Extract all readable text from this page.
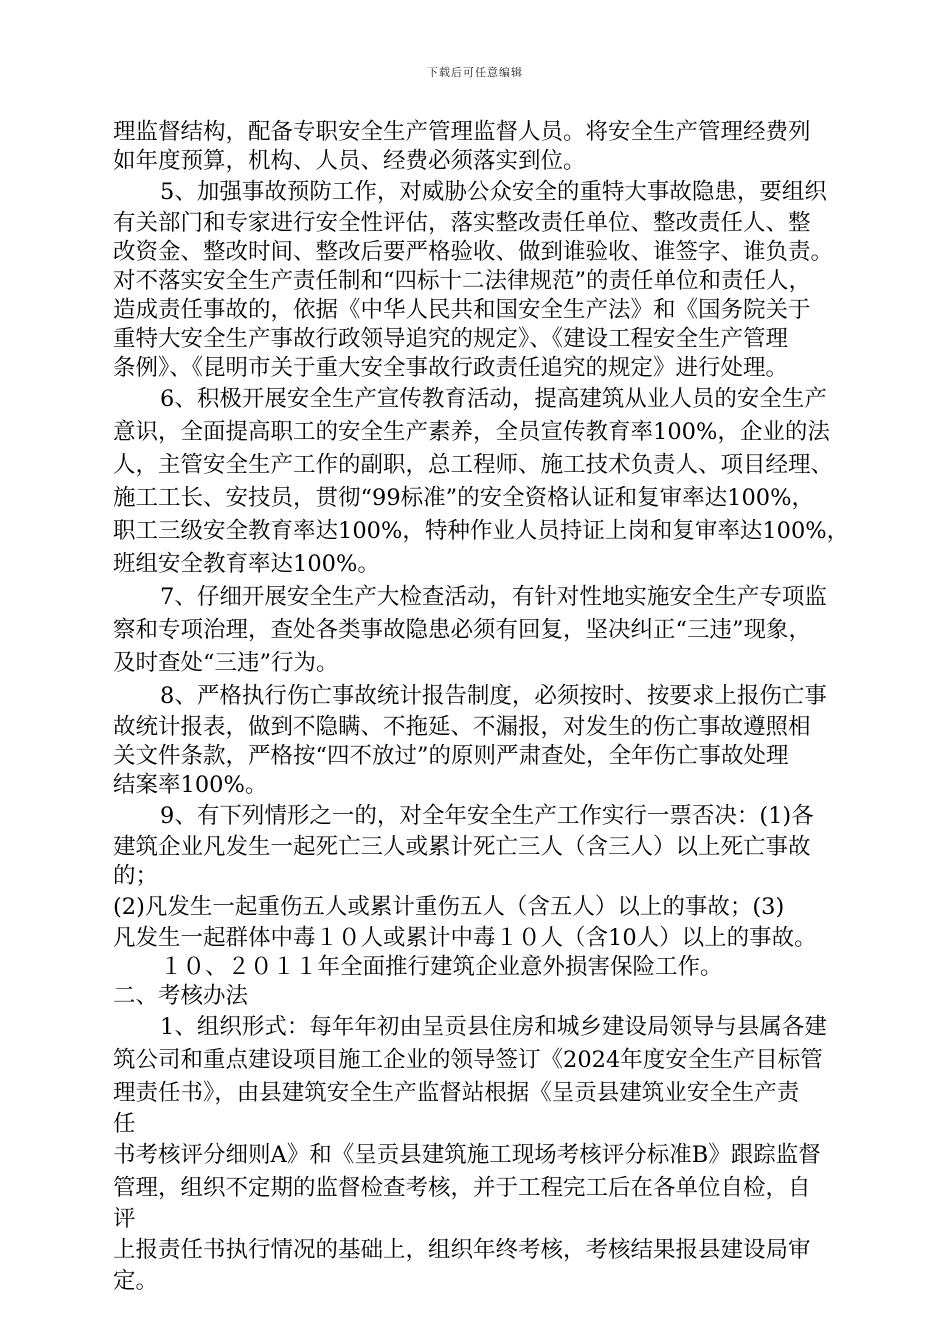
下载后可任意编辑
理监督结构，配备专职安全生产管理监督人员。将安全生产管理经费列
如年度预算，机构、人员、经费必须落实到位。
5、加强事故预防工作，对威胁公众安全的重特大事故隐患，要组织
有关部门和专家进行安全性评估，落实整改责任单位、整改责任人、整
改资金、整改时间、整改后要严格验收、做到谁验收、谁签字、谁负责。
对不落实安全生产责任制和“四标十二法律规范”的责任单位和责任人，
造成责任事故的，依据《中华人民共和国安全生产法》和《国务院关于
重特大安全生产事故行政领导追究的规定》、《建设工程安全生产管理
条例》、《昆明市关于重大安全事故行政责任追究的规定》进行处理。
6、积极开展安全生产宣传教育活动，提高建筑从业人员的安全生产
意识，全面提高职工的安全生产素养，全员宣传教育率100%，企业的法
人，主管安全生产工作的副职，总工程师、施工技术负责人、项目经理、
施工工长、安技员，贯彻“99标准”的安全资格认证和复审率达100%，
职工三级安全教育率达100%，特种作业人员持证上岗和复审率达100%，
班组安全教育率达100%。
7、仔细开展安全生产大检查活动，有针对性地实施安全生产专项监
察和专项治理，查处各类事故隐患必须有回复，坚决纠正“三违”现象，
及时查处“三违”行为。
8、严格执行伤亡事故统计报告制度，必须按时、按要求上报伤亡事
故统计报表，做到不隐瞒、不拖延、不漏报，对发生的伤亡事故遵照相
关文件条款，严格按“四不放过”的原则严肃查处，全年伤亡事故处理
结案率100%。
9、有下列情形之一的，对全年安全生产工作实行一票否决：(1)各
建筑企业凡发生一起死亡三人或累计死亡三人（含三人）以上死亡事故
的；
(2)凡发生一起重伤五人或累计重伤五人（含五人）以上的事故；(3)
凡发生一起群体中毒１０人或累计中毒１０人（含10人）以上的事故。
１０、２０１１年全面推行建筑企业意外损害保险工作。
二、考核办法
1、组织形式：每年年初由呈贡县住房和城乡建设局领导与县属各建
筑公司和重点建设项目施工企业的领导签订《2024年度安全生产目标管
理责任书》，由县建筑安全生产监督站根据《呈贡县建筑业安全生产责
任
书考核评分细则A》和《呈贡县建筑施工现场考核评分标准B》跟踪监督
管理，组织不定期的监督检查考核，并于工程完工后在各单位自检，自
评
上报责任书执行情况的基础上，组织年终考核，考核结果报县建设局审
定。
